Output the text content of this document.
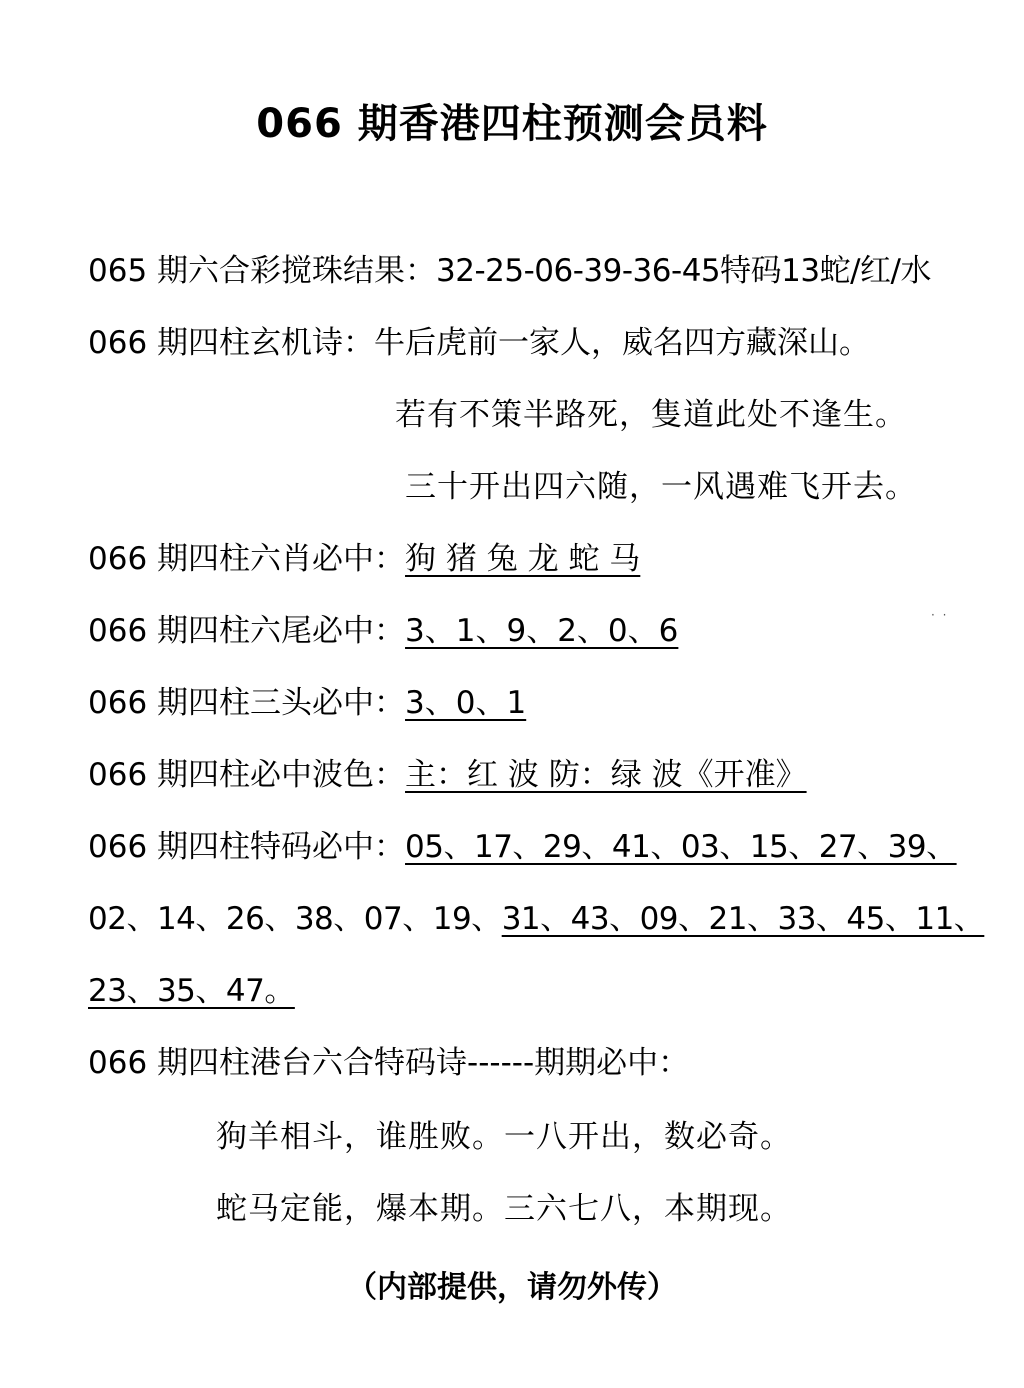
066 期香港四柱预测会员料
065 期六合彩搅珠结果：32-25-06-39-36-45特码13蛇/红/水
066 期四柱玄机诗：牛后虎前一家人，威名四方藏深山。
若有不策半路死，隻道此处不逢生。
三十开出四六随，一风遇难飞开去。
066 期四柱六肖必中：狗 猪 兔 龙 蛇 马
066 期四柱六尾必中：3、1、9、2、0、6	· ·
066 期四柱三头必中：3、0、1
066 期四柱必中波色：主：红 波 防：绿 波《开准》
066 期四柱特码必中：05、17、29、41、03、15、27、39、
02、14、26、38、07、19、31、43、09、21、33、45、11、
23、35、47。
066 期四柱港台六合特码诗------期期必中：
狗羊相斗，谁胜败。一八开出，数必奇。
蛇马定能，爆本期。三六七八，本期现。
（内部提供，请勿外传）
